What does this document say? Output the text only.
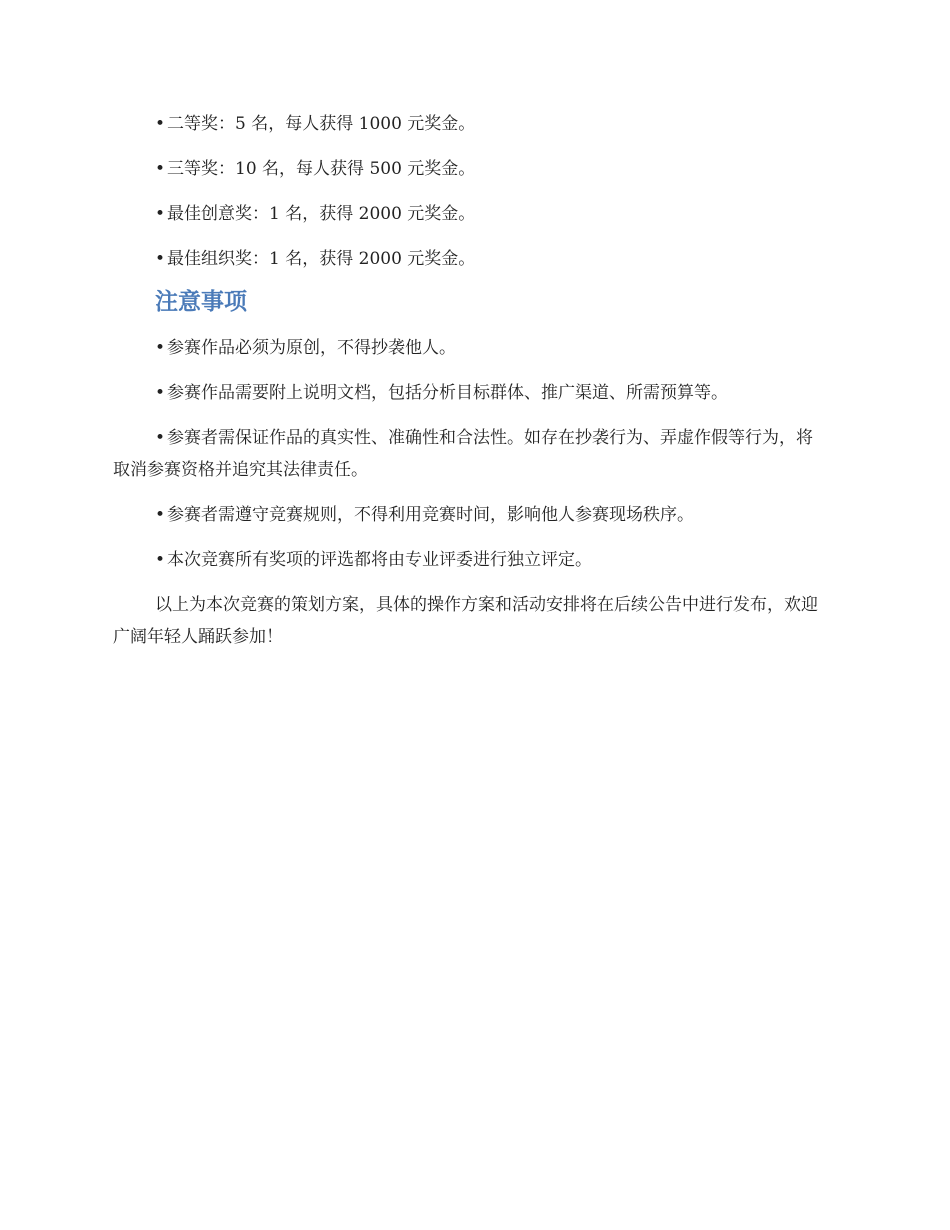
• 二等奖：5 名，每人获得 1000 元奖金。

• 三等奖：10 名，每人获得 500 元奖金。

• 最佳创意奖：1 名，获得 2000 元奖金。

• 最佳组织奖：1 名，获得 2000 元奖金。

注意事项

• 参赛作品必须为原创，不得抄袭他人。

• 参赛作品需要附上说明文档，包括分析目标群体、推广渠道、所需预算等。

• 参赛者需保证作品的真实性、准确性和合法性。如存在抄袭行为、弄虚作假等行为，将取消参赛资格并追究其法律责任。

• 参赛者需遵守竞赛规则，不得利用竞赛时间，影响他人参赛现场秩序。

• 本次竞赛所有奖项的评选都将由专业评委进行独立评定。

以上为本次竞赛的策划方案，具体的操作方案和活动安排将在后续公告中进行发布，欢迎广阔年轻人踊跃参加！
